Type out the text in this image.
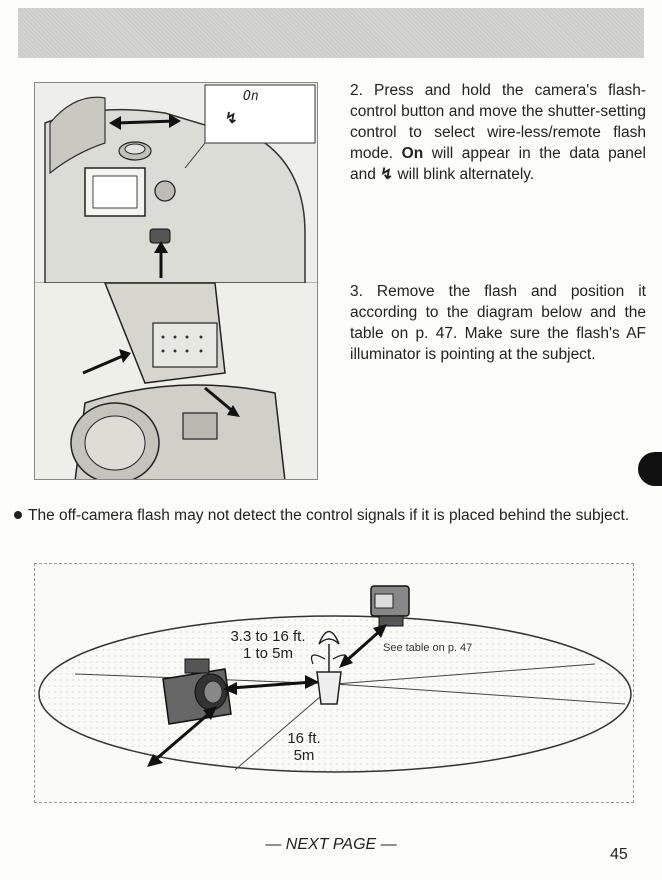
On
↯

2. Press and hold the camera's flash-control button and move the shutter-setting control to select wire-less/remote flash mode. On will appear in the data panel and ↯ will blink alternately.

3. Remove the flash and position it according to the diagram below and the table on p. 47. Make sure the flash's AF illuminator is pointing at the subject.

The off-camera flash may not detect the control signals if it is placed behind the subject.

3.3 to 16 ft.
1 to 5m
16 ft.
5m
See table on p. 47
— NEXT PAGE —
45
